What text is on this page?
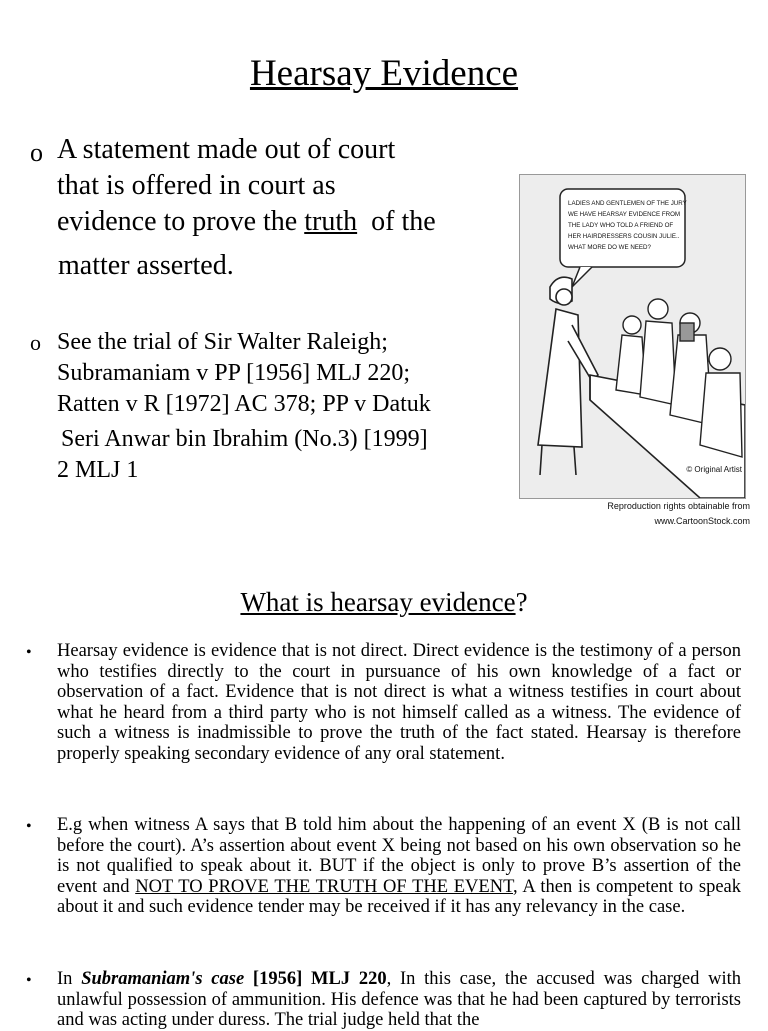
Hearsay Evidence
o A statement made out of court
that is offered in court as
evidence to prove the truth  of the
matter asserted.
o See the trial of Sir Walter Raleigh;
Subramaniam v PP [1956] MLJ 220;
Ratten v R [1972] AC 378; PP v Datuk
Seri Anwar bin Ibrahim (No.3) [1999]
2 MLJ 1
LADIES AND GENTLEMEN OF THE JURY WE HAVE HEARSAY EVIDENCE FROM THE LADY WHO TOLD A FRIEND OF HER HAIRDRESSERS COUSIN JULIE.. WHAT MORE DO WE NEED?
© Original Artist
Reproduction rights obtainable from
www.CartoonStock.com
What is hearsay evidence?
• Hearsay evidence is evidence that is not direct. Direct evidence is the testimony of a person who testifies directly to the court in pursuance of his own knowledge of a fact or observation of a fact. Evidence that is not direct is what a witness testifies in court about what he heard from a third party who is not himself called as a witness. The evidence of such a witness is inadmissible to prove the truth of the fact stated. Hearsay is therefore properly speaking secondary evidence of any oral statement.
• E.g when witness A says that B told him about the happening of an event X (B is not call before the court). A’s assertion about event X being not based on his own observation so he is not qualified to speak about it. BUT if the object is only to prove B’s assertion of the event and NOT TO PROVE THE TRUTH OF THE EVENT, A then is competent to speak about it and such evidence tender may be received if it has any relevancy in the case.
• In Subramaniam's case [1956] MLJ 220, In this case, the accused was charged with unlawful possession of ammunition. His defence was that he had been captured by terrorists and was acting under duress. The trial judge held that the
